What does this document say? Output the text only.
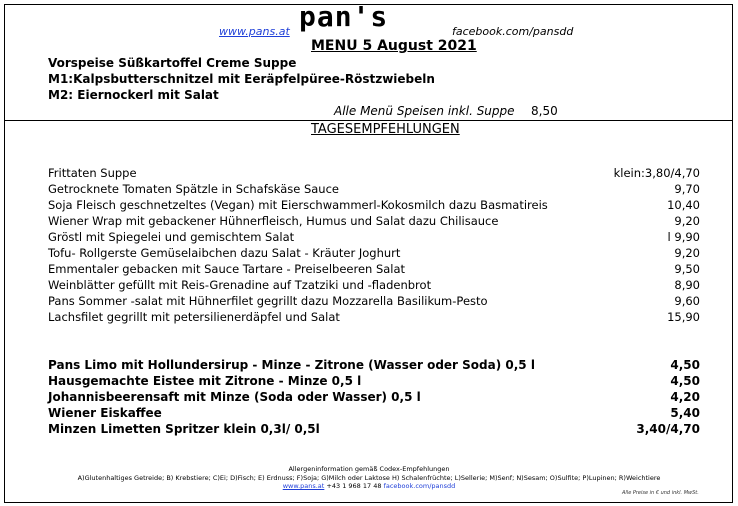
www.pans.at pan's	facebook.com/pansdd
MENU 5 August 2021
Vorspeise Süßkartoffel Creme Suppe
M1:Kalpsbutterschnitzel mit Eeräpfelpüree-Röstzwiebeln
M2: Eiernockerl mit Salat
Alle Menü Speisen inkl. Suppe 8,50
TAGESEMPFEHLUNGEN
Frittaten Suppe	klein:3,80/4,70
Getrocknete Tomaten Spätzle in Schafskäse Sauce	9,70
Soja Fleisch geschnetzeltes (Vegan) mit Eierschwammerl-Kokosmilch dazu Basmatireis	10,40
Wiener Wrap mit gebackener Hühnerfleisch, Humus und Salat dazu Chilisauce	9,20
Gröstl mit Spiegelei und gemischtem Salat	l 9,90
Tofu- Rollgerste Gemüselaibchen dazu Salat - Kräuter Joghurt	9,20
Emmentaler gebacken mit Sauce Tartare - Preiselbeeren Salat	9,50
Weinblätter gefüllt mit Reis-Grenadine auf Tzatziki und -fladenbrot	8,90
Pans Sommer -salat mit Hühnerfilet gegrillt dazu Mozzarella Basilikum-Pesto	9,60
Lachsfilet gegrillt mit petersilienerdäpfel und Salat	15,90
Pans Limo mit Hollundersirup - Minze - Zitrone (Wasser oder Soda) 0,5 l	4,50
Hausgemachte Eistee mit Zitrone - Minze 0,5 l	4,50
Johannisbeerensaft mit Minze (Soda oder Wasser) 0,5 l	4,20
Wiener Eiskaffee	5,40
Minzen Limetten Spritzer klein 0,3l/ 0,5l	3,40/4,70
Allergeninformation gemäß Codex-Empfehlungen
A)Glutenhaltiges Getreide; B) Krebstiere; C)Ei; D)Fisch; E) Erdnuss; F)Soja; G)Milch oder Laktose H) Schalenfrüchte; L)Sellerie; M)Senf; N)Sesam; O)Sulfite; P)Lupinen; R)Weichtiere
www.pans.at +43 1 968 17 48 facebook.com/pansdd
Alle Preise in € und inkl. MwSt.
